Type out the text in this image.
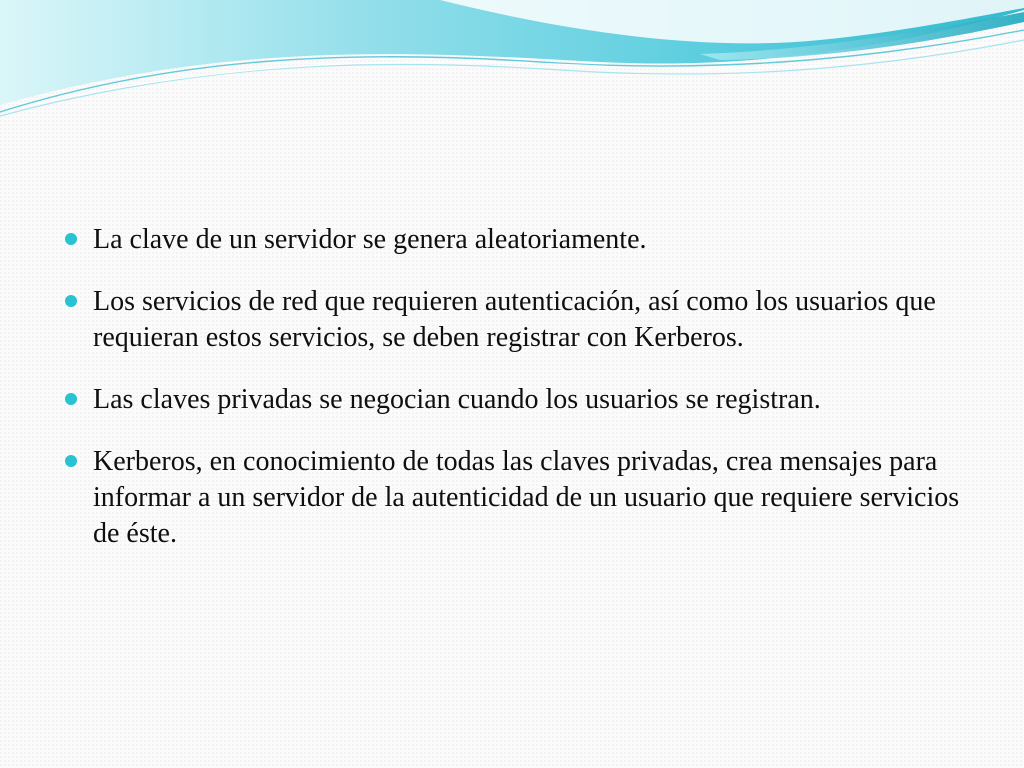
La clave de un servidor se genera aleatoriamente.
Los servicios de red que requieren autenticación, así como los usuarios que requieran estos servicios, se deben registrar con Kerberos.
Las claves privadas se negocian cuando los usuarios se registran.
Kerberos, en conocimiento de todas las claves privadas, crea mensajes para informar a un servidor de la autenticidad de un usuario que requiere servicios de éste.
